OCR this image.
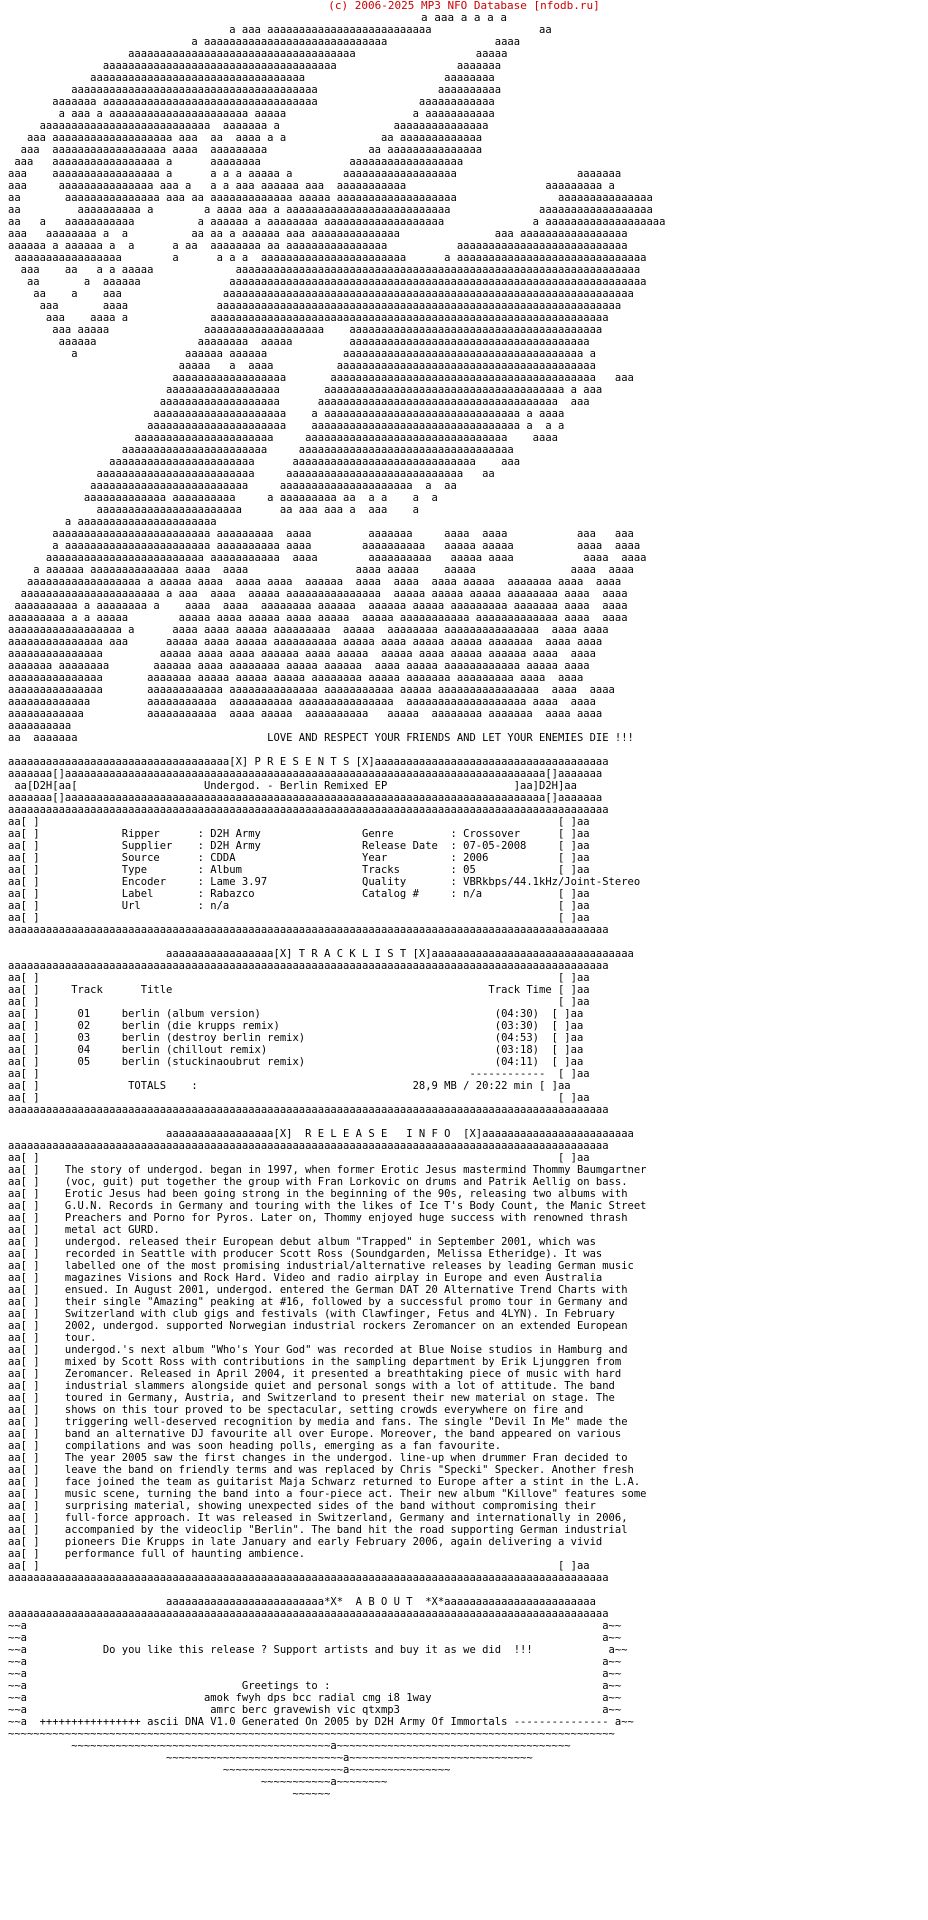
(c) 2006-2025 MP3 NFO Database [nfodb.ru]
a aaa a a a a
a aaa aaaaaaaaaaaaaaaaaaaaaaaaaa                 aa
a aaaaaaaaaaaaaaaaaaaaaaaaaaaaa                 aaaa
aaaaaaaaaaaaaaaaaaaaaaaaaaaaaaaaaaaa                   aaaaa
aaaaaaaaaaaaaaaaaaaaaaaaaaaaaaaaaaaaa                   aaaaaaa
aaaaaaaaaaaaaaaaaaaaaaaaaaaaaaaaaa                      aaaaaaaa
aaaaaaaaaaaaaaaaaaaaaaaaaaaaaaaaaaaaaaa                   aaaaaaaaaa
aaaaaaa aaaaaaaaaaaaaaaaaaaaaaaaaaaaaaaaaa                aaaaaaaaaaaa
a aaa a aaaaaaaaaaaaaaaaaaaaaa aaaaa                    a aaaaaaaaaaa
aaaaaaaaaaaaaaaaaaaaaaaaaaa  aaaaaaa a                  aaaaaaaaaaaaaaa
aaa aaaaaaaaaaaaaaaaaaa aaa  aa  aaaa a a               aa aaaaaaaaaaaaa
aaa  aaaaaaaaaaaaaaaaaa aaaa  aaaaaaaaa                aa aaaaaaaaaaaaaaa
aaa   aaaaaaaaaaaaaaaaa a      aaaaaaaa              aaaaaaaaaaaaaaaaaa
aaa    aaaaaaaaaaaaaaaaa a      a a a aaaaa a        aaaaaaaaaaaaaaaaaa                   aaaaaaa
aaa     aaaaaaaaaaaaaaa aaa a   a a aaa aaaaaa aaa  aaaaaaaaaaa                      aaaaaaaaa a
aa       aaaaaaaaaaaaaaa aaa aa aaaaaaaaaaaaa aaaaa aaaaaaaaaaaaaaaaaaa                aaaaaaaaaaaaaaa
aa         aaaaaaaaaa a        a aaaa aaa a aaaaaaaaaaaaaaaaaaaaaaaaaa              aaaaaaaaaaaaaaaaaa
aa   a   aaaaaaaaaaa          a aaaaaa a aaaaaaaa aaaaaaaaaaaaaaaaaaa              a aaaaaaaaaaaaaaaaaaa
aaa   aaaaaaaa a  a          aa aa a aaaaaa aaa aaaaaaaaaaaaaa               aaa aaaaaaaaaaaaaaaaa
aaaaaa a aaaaaa a  a      a aa  aaaaaaaa aa aaaaaaaaaaaaaaaa           aaaaaaaaaaaaaaaaaaaaaaaaaaa
aaaaaaaaaaaaaaaaa        a      a a a  aaaaaaaaaaaaaaaaaaaaaaa      a aaaaaaaaaaaaaaaaaaaaaaaaaaaaaa
aaa    aa   a a aaaaa             aaaaaaaaaaaaaaaaaaaaaaaaaaaaaaaaaaaaaaaaaaaaaaaaaaaaaaaaaaaaaaaa
aa       a  aaaaaa              aaaaaaaaaaaaaaaaaaaaaaaaaaaaaaaaaaaaaaaaaaaaaaaaaaaaaaaaaaaaaaaaaa
aa    a    aaa                aaaaaaaaaaaaaaaaaaaaaaaaaaaaaaaaaaaaaaaaaaaaaaaaaaaaaaaaaaaaaaaaa
aaa       aaaa              aaaaaaaaaaaaaaaaaaaaaaaaaaaaaaaaaaaaaaaaaaaaaaaaaaaaaaaaaaaaaaaa
aaa    aaaa a             aaaaaaaaaaaaaaaaaaaaaaaaaaaaaaaaaaaaaaaaaaaaaaaaaaaaaaaaaaaaaaa
aaa aaaaa               aaaaaaaaaaaaaaaaaaa    aaaaaaaaaaaaaaaaaaaaaaaaaaaaaaaaaaaaaaaa
aaaaaa                aaaaaaaa  aaaaa         aaaaaaaaaaaaaaaaaaaaaaaaaaaaaaaaaaaaaa
a                 aaaaaa aaaaaa            aaaaaaaaaaaaaaaaaaaaaaaaaaaaaaaaaaaaaa a
aaaaa   a  aaaa          aaaaaaaaaaaaaaaaaaaaaaaaaaaaaaaaaaaaaaaaa
aaaaaaaaaaaaaaaaaa       aaaaaaaaaaaaaaaaaaaaaaaaaaaaaaaaaaaaaaaaaa   aaa
aaaaaaaaaaaaaaaaaa       aaaaaaaaaaaaaaaaaaaaaaaaaaaaaaaaaaaaaa a aaa
aaaaaaaaaaaaaaaaaaa      aaaaaaaaaaaaaaaaaaaaaaaaaaaaaaaaaaaaaa  aaa
aaaaaaaaaaaaaaaaaaaaa    a aaaaaaaaaaaaaaaaaaaaaaaaaaaaaaa a aaaa
aaaaaaaaaaaaaaaaaaaaaa    aaaaaaaaaaaaaaaaaaaaaaaaaaaaaaaaa a  a a
aaaaaaaaaaaaaaaaaaaaaa     aaaaaaaaaaaaaaaaaaaaaaaaaaaaaaaa    aaaa
aaaaaaaaaaaaaaaaaaaaaaa     aaaaaaaaaaaaaaaaaaaaaaaaaaaaaaaaaa
aaaaaaaaaaaaaaaaaaaaaaa      aaaaaaaaaaaaaaaaaaaaaaaaaaaaa    aaa
aaaaaaaaaaaaaaaaaaaaaaaaa     aaaaaaaaaaaaaaaaaaaaaaaaaaaa   aa
aaaaaaaaaaaaaaaaaaaaaaaaa     aaaaaaaaaaaaaaaaaaaaa  a  aa
aaaaaaaaaaaaa aaaaaaaaaa     a aaaaaaaaa aa  a a    a  a
aaaaaaaaaaaaaaaaaaaaaaa      aa aaa aaa a  aaa    a
a aaaaaaaaaaaaaaaaaaaaaa
aaaaaaaaaaaaaaaaaaaaaaaaa aaaaaaaaa  aaaa         aaaaaaa     aaaa  aaaa           aaa   aaa
a aaaaaaaaaaaaaaaaaaaaaaa aaaaaaaaaa aaaa        aaaaaaaaaa   aaaaa aaaaa          aaaa  aaaa
aaaaaaaaaaaaaaaaaaaaaaaaa aaaaaaaaaaa  aaaa        aaaaaaaaaa   aaaaa aaaa           aaaa  aaaa
a aaaaaa aaaaaaaaaaaaaa aaaa  aaaa                 aaaa aaaaa    aaaaa               aaaa  aaaa
aaaaaaaaaaaaaaaaaa a aaaaa aaaa  aaaa aaaa  aaaaaa  aaaa  aaaa  aaaa aaaaa  aaaaaaa aaaa  aaaa
aaaaaaaaaaaaaaaaaaaaaa a aaa  aaaa  aaaaa aaaaaaaaaaaaaaa  aaaaa aaaaa aaaaa aaaaaaaa aaaa  aaaa
aaaaaaaaaa a aaaaaaaa a    aaaa  aaaa  aaaaaaaa aaaaaa  aaaaaa aaaaa aaaaaaaaa aaaaaaa aaaa  aaaa
aaaaaaaaa a a aaaaa        aaaaa aaaa aaaaa aaaa aaaaa  aaaaa aaaaaaaaaaa aaaaaaaaaaaaa aaaa  aaaa
aaaaaaaaaaaaaaaaaa a      aaaa aaaa aaaaa aaaaaaaaa  aaaaa  aaaaaaaa aaaaaaaaaaaaaaa  aaaa aaaa
aaaaaaaaaaaaaaa aaa      aaaaa aaaa aaaaa aaaaaaaaaa aaaaa aaaa aaaaa aaaaa aaaaaaa  aaaa aaaa
aaaaaaaaaaaaaaa         aaaaa aaaa aaaa aaaaaa aaaa aaaaa  aaaaa aaaa aaaaa aaaaaa aaaa  aaaa
aaaaaaa aaaaaaaa       aaaaaa aaaa aaaaaaaa aaaaa aaaaaa  aaaa aaaaa aaaaaaaaaaaa aaaaa aaaa
aaaaaaaaaaaaaaa       aaaaaaa aaaaa aaaaa aaaaa aaaaaaaa aaaaa aaaaaaa aaaaaaaaa aaaa  aaaa
aaaaaaaaaaaaaaa       aaaaaaaaaaaa aaaaaaaaaaaaaa aaaaaaaaaaa aaaaa aaaaaaaaaaaaaaaa  aaaa  aaaa
aaaaaaaaaaaaa         aaaaaaaaaaa  aaaaaaaaaa aaaaaaaaaaaaaaa  aaaaaaaaaaaaaaaaaaa aaaa  aaaa
aaaaaaaaaaaa          aaaaaaaaaaa  aaaa aaaaa  aaaaaaaaaa   aaaaa  aaaaaaaa aaaaaaa  aaaa aaaa
aaaaaaaaaa
aa  aaaaaaa                              LOVE AND RESPECT YOUR FRIENDS AND LET YOUR ENEMIES DIE !!!

aaaaaaaaaaaaaaaaaaaaaaaaaaaaaaaaaaa[X] P R E S E N T S [X]aaaaaaaaaaaaaaaaaaaaaaaaaaaaaaaaaaaaa
aaaaaaa[]aaaaaaaaaaaaaaaaaaaaaaaaaaaaaaaaaaaaaaaaaaaaaaaaaaaaaaaaaaaaaaaaaaaaaaaaaaaa[]aaaaaaa
aa[D2H[aa[                    Undergod. - Berlin Remixed EP                    ]aa]D2H]aa
aaaaaaa[]aaaaaaaaaaaaaaaaaaaaaaaaaaaaaaaaaaaaaaaaaaaaaaaaaaaaaaaaaaaaaaaaaaaaaaaaaaaa[]aaaaaaa
aaaaaaaaaaaaaaaaaaaaaaaaaaaaaaaaaaaaaaaaaaaaaaaaaaaaaaaaaaaaaaaaaaaaaaaaaaaaaaaaaaaaaaaaaaaaaaa
aa[ ]                                                                                  [ ]aa
aa[ ]             Ripper      : D2H Army                Genre         : Crossover      [ ]aa
aa[ ]             Supplier    : D2H Army                Release Date  : 07-05-2008     [ ]aa
aa[ ]             Source      : CDDA                    Year          : 2006           [ ]aa
aa[ ]             Type        : Album                   Tracks        : 05             [ ]aa
aa[ ]             Encoder     : Lame 3.97               Quality       : VBRkbps/44.1kHz/Joint-Stereo
aa[ ]             Label       : Rabazco                 Catalog #     : n/a            [ ]aa
aa[ ]             Url         : n/a                                                    [ ]aa
aa[ ]                                                                                  [ ]aa
aaaaaaaaaaaaaaaaaaaaaaaaaaaaaaaaaaaaaaaaaaaaaaaaaaaaaaaaaaaaaaaaaaaaaaaaaaaaaaaaaaaaaaaaaaaaaaa

aaaaaaaaaaaaaaaaa[X] T R A C K L I S T [X]aaaaaaaaaaaaaaaaaaaaaaaaaaaaaaaa
aaaaaaaaaaaaaaaaaaaaaaaaaaaaaaaaaaaaaaaaaaaaaaaaaaaaaaaaaaaaaaaaaaaaaaaaaaaaaaaaaaaaaaaaaaaaaaa
aa[ ]                                                                                  [ ]aa
aa[ ]     Track      Title                                                  Track Time [ ]aa
aa[ ]                                                                                  [ ]aa
aa[ ]      01     berlin (album version)                                     (04:30)  [ ]aa
aa[ ]      02     berlin (die krupps remix)                                  (03:30)  [ ]aa
aa[ ]      03     berlin (destroy berlin remix)                              (04:53)  [ ]aa
aa[ ]      04     berlin (chillout remix)                                    (03:18)  [ ]aa
aa[ ]      05     berlin (stuckinaoubrut remix)                              (04:11)  [ ]aa
aa[ ]                                                                    ------------  [ ]aa
aa[ ]              TOTALS    :                                  28,9 MB / 20:22 min [ ]aa
aa[ ]                                                                                  [ ]aa
aaaaaaaaaaaaaaaaaaaaaaaaaaaaaaaaaaaaaaaaaaaaaaaaaaaaaaaaaaaaaaaaaaaaaaaaaaaaaaaaaaaaaaaaaaaaaaa

aaaaaaaaaaaaaaaaa[X]  R E L E A S E   I N F O  [X]aaaaaaaaaaaaaaaaaaaaaaaa
aaaaaaaaaaaaaaaaaaaaaaaaaaaaaaaaaaaaaaaaaaaaaaaaaaaaaaaaaaaaaaaaaaaaaaaaaaaaaaaaaaaaaaaaaaaaaaa
aa[ ]                                                                                  [ ]aa
aa[ ]    The story of undergod. began in 1997, when former Erotic Jesus mastermind Thommy Baumgartner
aa[ ]    (voc, guit) put together the group with Fran Lorkovic on drums and Patrik Aellig on bass.
aa[ ]    Erotic Jesus had been going strong in the beginning of the 90s, releasing two albums with
aa[ ]    G.U.N. Records in Germany and touring with the likes of Ice T's Body Count, the Manic Street
aa[ ]    Preachers and Porno for Pyros. Later on, Thommy enjoyed huge success with renowned thrash
aa[ ]    metal act GURD.
aa[ ]    undergod. released their European debut album "Trapped" in September 2001, which was
aa[ ]    recorded in Seattle with producer Scott Ross (Soundgarden, Melissa Etheridge). It was
aa[ ]    labelled one of the most promising industrial/alternative releases by leading German music
aa[ ]    magazines Visions and Rock Hard. Video and radio airplay in Europe and even Australia
aa[ ]    ensued. In August 2001, undergod. entered the German DAT 20 Alternative Trend Charts with
aa[ ]    their single "Amazing" peaking at #16, followed by a successful promo tour in Germany and
aa[ ]    Switzerland with club gigs and festivals (with Clawfinger, Fetus and 4LYN). In February
aa[ ]    2002, undergod. supported Norwegian industrial rockers Zeromancer on an extended European
aa[ ]    tour.
aa[ ]    undergod.'s next album "Who's Your God" was recorded at Blue Noise studios in Hamburg and
aa[ ]    mixed by Scott Ross with contributions in the sampling department by Erik Ljunggren from
aa[ ]    Zeromancer. Released in April 2004, it presented a breathtaking piece of music with hard
aa[ ]    industrial slammers alongside quiet and personal songs with a lot of attitude. The band
aa[ ]    toured in Germany, Austria, and Switzerland to present their new material on stage. The
aa[ ]    shows on this tour proved to be spectacular, setting crowds everywhere on fire and
aa[ ]    triggering well-deserved recognition by media and fans. The single "Devil In Me" made the
aa[ ]    band an alternative DJ favourite all over Europe. Moreover, the band appeared on various
aa[ ]    compilations and was soon heading polls, emerging as a fan favourite.
aa[ ]    The year 2005 saw the first changes in the undergod. line-up when drummer Fran decided to
aa[ ]    leave the band on friendly terms and was replaced by Chris "Specki" Specker. Another fresh
aa[ ]    face joined the team as guitarist Maja Schwarz returned to Europe after a stint in the L.A.
aa[ ]    music scene, turning the band into a four-piece act. Their new album "Killove" features some
aa[ ]    surprising material, showing unexpected sides of the band without compromising their
aa[ ]    full-force approach. It was released in Switzerland, Germany and internationally in 2006,
aa[ ]    accompanied by the videoclip "Berlin". The band hit the road supporting German industrial
aa[ ]    pioneers Die Krupps in late January and early February 2006, again delivering a vivid
aa[ ]    performance full of haunting ambience.
aa[ ]                                                                                  [ ]aa
aaaaaaaaaaaaaaaaaaaaaaaaaaaaaaaaaaaaaaaaaaaaaaaaaaaaaaaaaaaaaaaaaaaaaaaaaaaaaaaaaaaaaaaaaaaaaaa

aaaaaaaaaaaaaaaaaaaaaaaaa*X*  A B O U T  *X*aaaaaaaaaaaaaaaaaaaaaaaa
aaaaaaaaaaaaaaaaaaaaaaaaaaaaaaaaaaaaaaaaaaaaaaaaaaaaaaaaaaaaaaaaaaaaaaaaaaaaaaaaaaaaaaaaaaaaaaa
~~a                                                                                           a~~
~~a                                                                                           a~~
~~a            Do you like this release ? Support artists and buy it as we did  !!!            a~~
~~a                                                                                           a~~
~~a                                                                                           a~~
~~a                                  Greetings to :                                           a~~
~~a                            amok fwyh dps bcc radial cmg i8 1way                           a~~
~~a                             amrc berc gravewish vic qtxmp3                                a~~
~~a  ++++++++++++++++ ascii DNA V1.0 Generated On 2005 by D2H Army Of Immortals --------------- a~~
~~~~~~~~~~~~~~~~~~~~~~~~~~~~~~~~~~~~~~~~~~~~~~~~~~~~~~~~~~~~~~~~~~~~~~~~~~~~~~~~~~~~~~~~~~~~~~~~
~~~~~~~~~~~~~~~~~~~~~~~~~~~~~~~~~~~~~~~~~a~~~~~~~~~~~~~~~~~~~~~~~~~~~~~~~~~~~~~
~~~~~~~~~~~~~~~~~~~~~~~~~~~~a~~~~~~~~~~~~~~~~~~~~~~~~~~~~~
~~~~~~~~~~~~~~~~~~~a~~~~~~~~~~~~~~~~
~~~~~~~~~~~a~~~~~~~~
~~~~~~
